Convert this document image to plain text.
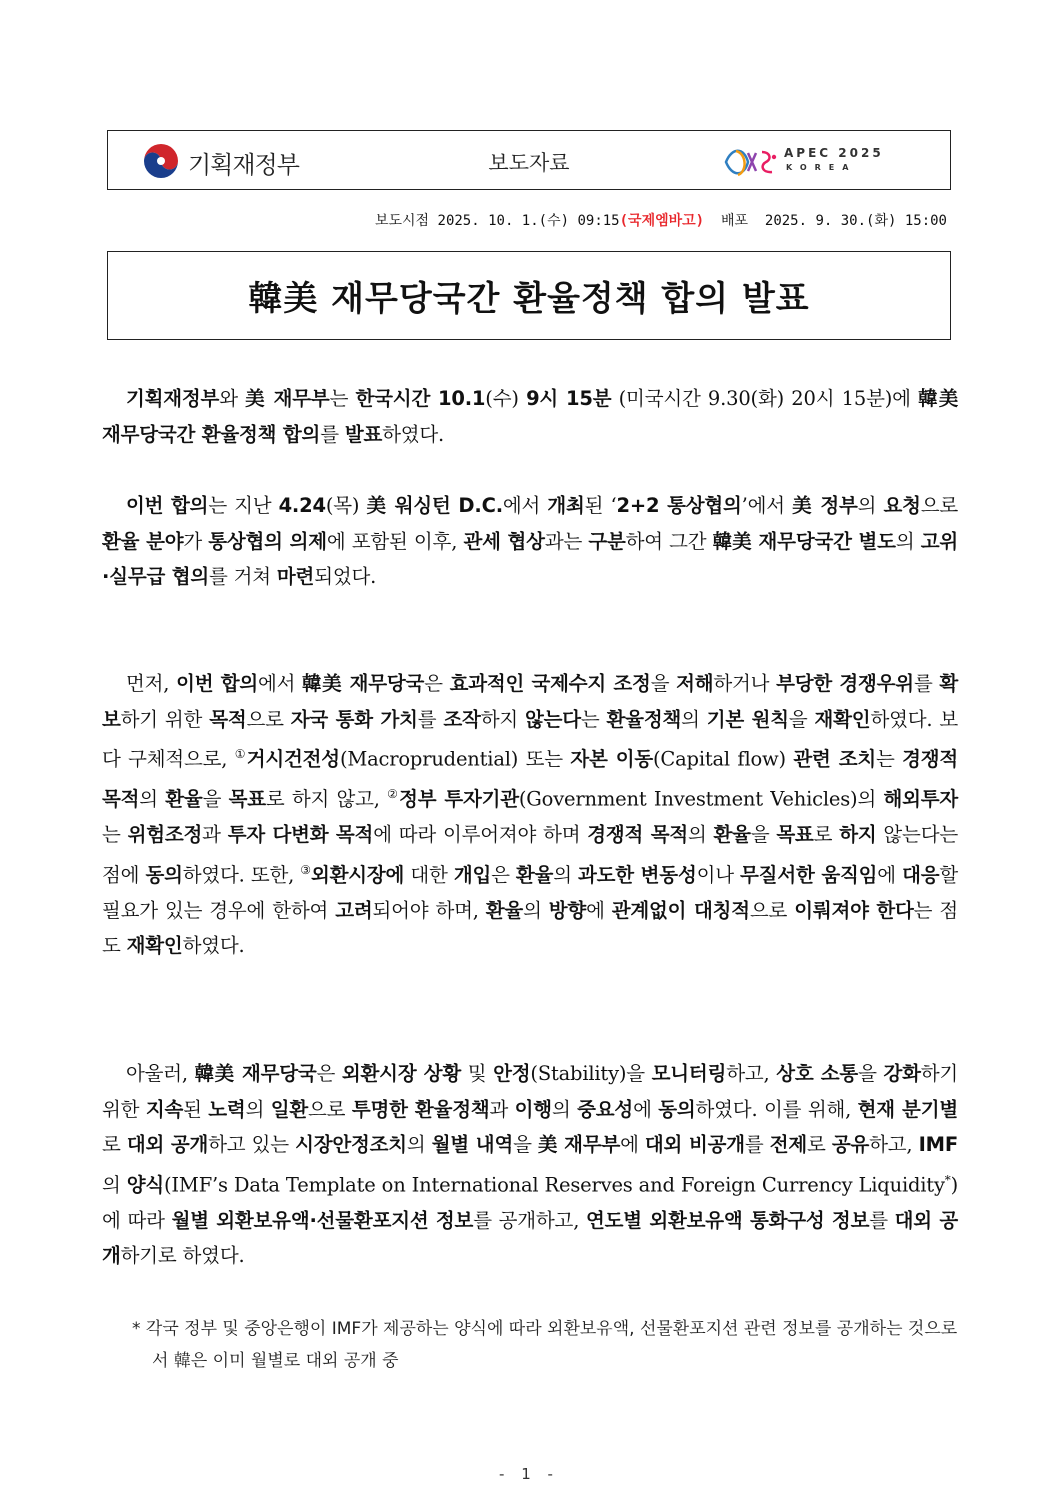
기획재정부	보도자료	APEC 2025
KOREA
보도시점 2025. 10. 1.(수) 09:15(국제엠바고) 배포 2025. 9. 30.(화) 15:00
韓美 재무당국간 환율정책 합의 발표
기획재정부와 美 재무부는 한국시간 10.1(수) 9시 15분 (미국시간 9.30(화) 20시 15분)에 韓美 재무당국간 환율정책 합의를 발표하였다.
이번 합의는 지난 4.24(목) 美 워싱턴 D.C.에서 개최된 ‘2+2 통상협의’에서 美 정부의 요청으로 환율 분야가 통상협의 의제에 포함된 이후, 관세 협상과는 구분하여 그간 韓美 재무당국간 별도의 고위·실무급 협의를 거쳐 마련되었다.
먼저, 이번 합의에서 韓美 재무당국은 효과적인 국제수지 조정을 저해하거나 부당한 경쟁우위를 확보하기 위한 목적으로 자국 통화 가치를 조작하지 않는다는 환율정책의 기본 원칙을 재확인하였다. 보다 구체적으로, ①거시건전성(Macroprudential) 또는 자본 이동(Capital flow) 관련 조치는 경쟁적 목적의 환율을 목표로 하지 않고, ②정부 투자기관(Government Investment Vehicles)의 해외투자는 위험조정과 투자 다변화 목적에 따라 이루어져야 하며 경쟁적 목적의 환율을 목표로 하지 않는다는 점에 동의하였다. 또한, ③외환시장에 대한 개입은 환율의 과도한 변동성이나 무질서한 움직임에 대응할 필요가 있는 경우에 한하여 고려되어야 하며, 환율의 방향에 관계없이 대칭적으로 이뤄져야 한다는 점도 재확인하였다.
아울러, 韓美 재무당국은 외환시장 상황 및 안정(Stability)을 모니터링하고, 상호 소통을 강화하기 위한 지속된 노력의 일환으로 투명한 환율정책과 이행의 중요성에 동의하였다. 이를 위해, 현재 분기별로 대외 공개하고 있는 시장안정조치의 월별 내역을 美 재무부에 대외 비공개를 전제로 공유하고, IMF의 양식(IMF’s Data Template on International Reserves and Foreign Currency Liquidity*)에 따라 월별 외환보유액·선물환포지션 정보를 공개하고, 연도별 외환보유액 통화구성 정보를 대외 공개하기로 하였다.
* 각국 정부 및 중앙은행이 IMF가 제공하는 양식에 따라 외환보유액, 선물환포지션 관련 정보를 공개하는 것으로서 韓은 이미 월별로 대외 공개 중
- 1 -
